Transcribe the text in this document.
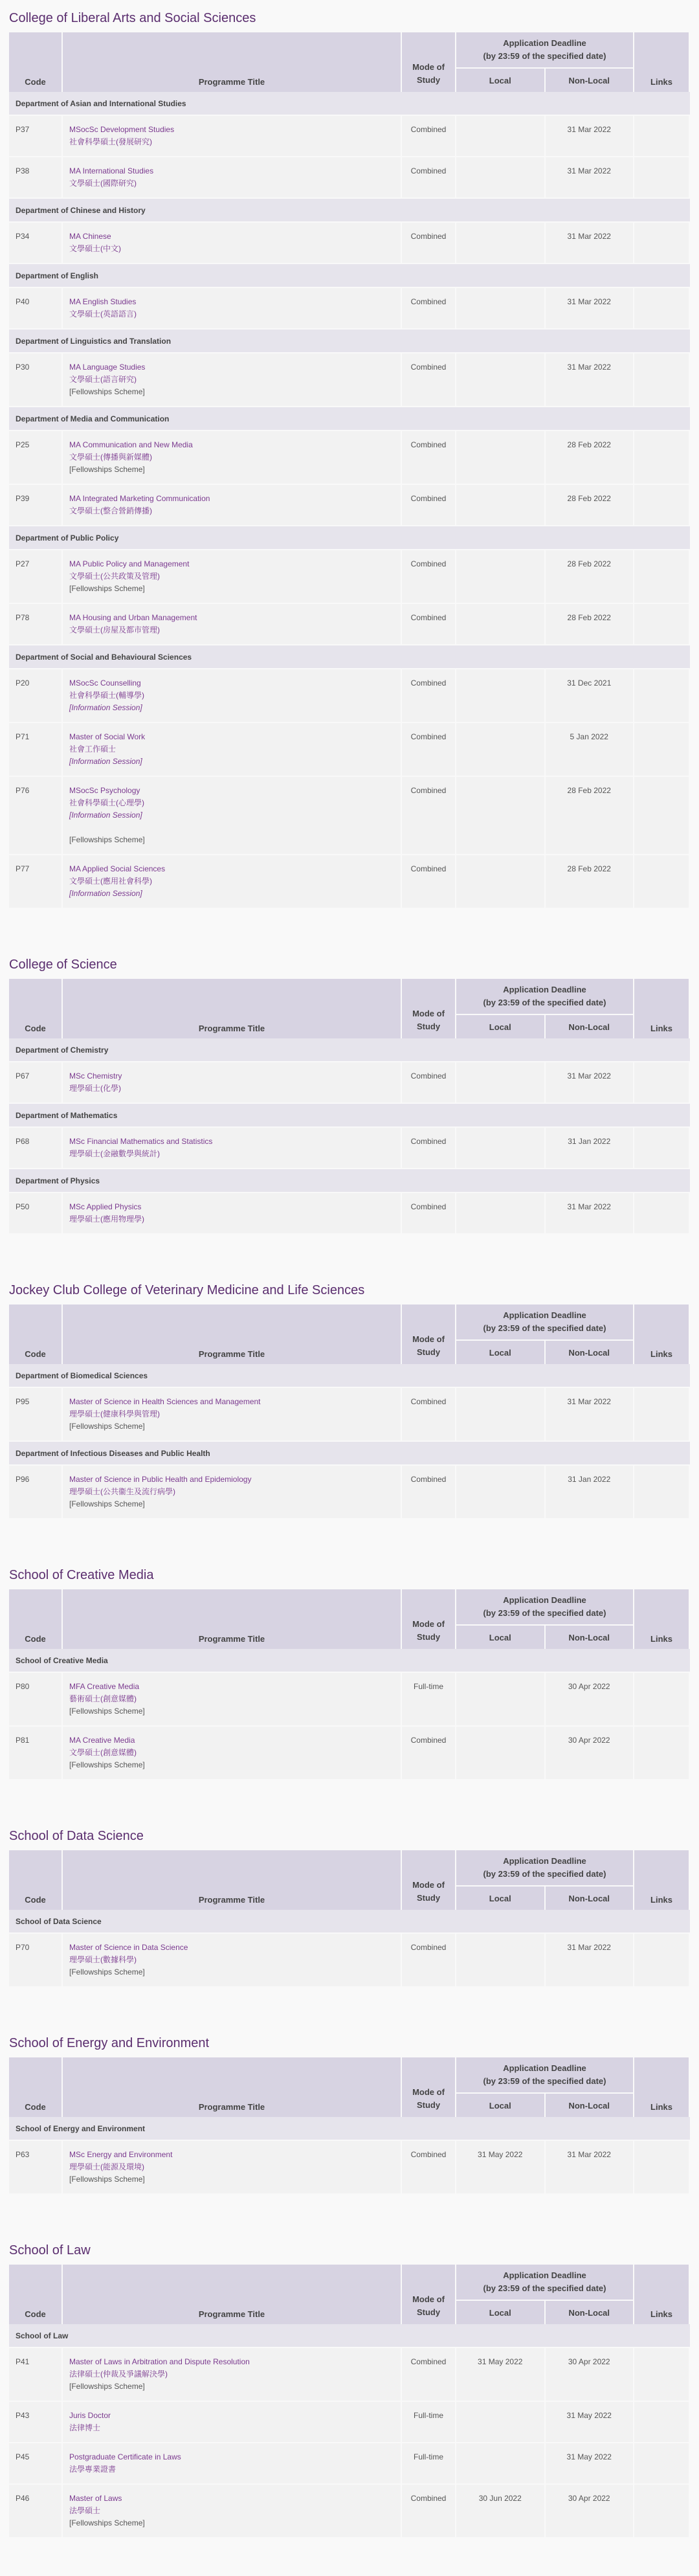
College of Liberal Arts and Social Sciences
Code	Programme Title	Mode of Study	Application Deadline
(by 23:59 of the specified date)		Links
			Local	Non-Local	
Department of Asian and International Studies					
P37	MSocSc Development Studies
社會科學碩士(發展研究)	Combined		31 Mar 2022	
P38	MA International Studies
文學碩士(國際研究)	Combined		31 Mar 2022	
Department of Chinese and History					
P34	MA Chinese
文學碩士(中文)	Combined		31 Mar 2022	
Department of English					
P40	MA English Studies
文學碩士(英語語言)	Combined		31 Mar 2022	
Department of Linguistics and Translation					
P30	MA Language Studies
文學碩士(語言研究)
[Fellowships Scheme]	Combined		31 Mar 2022	
Department of Media and Communication					
P25	MA Communication and New Media
文學碩士(傳播與新媒體)
[Fellowships Scheme]	Combined		28 Feb 2022	
P39	MA Integrated Marketing Communication
文學碩士(整合營銷傳播)	Combined		28 Feb 2022	
Department of Public Policy					
P27	MA Public Policy and Management
文學碩士(公共政策及管理)
[Fellowships Scheme]	Combined		28 Feb 2022	
P78	MA Housing and Urban Management
文學碩士(房屋及都市管理)	Combined		28 Feb 2022	
Department of Social and Behavioural Sciences					
P20	MSocSc Counselling
社會科學碩士(輔導學)
[Information Session]	Combined		31 Dec 2021	
P71	Master of Social Work
社會工作碩士
[Information Session]	Combined		5 Jan 2022	
P76	MSocSc Psychology
社會科學碩士(心理學)
[Information Session]
[Fellowships Scheme]	Combined		28 Feb 2022	
P77	MA Applied Social Sciences
文學碩士(應用社會科學)
[Information Session]	Combined		28 Feb 2022	
College of Science
Code	Programme Title	Mode of Study	Application Deadline
(by 23:59 of the specified date)		Links
			Local	Non-Local	
Department of Chemistry					
P67	MSc Chemistry
理學碩士(化學)	Combined		31 Mar 2022	
Department of Mathematics					
P68	MSc Financial Mathematics and Statistics
理學碩士(金融數學與統計)	Combined		31 Jan 2022	
Department of Physics					
P50	MSc Applied Physics
理學碩士(應用物理學)	Combined		31 Mar 2022	
Jockey Club College of Veterinary Medicine and Life Sciences
Code	Programme Title	Mode of Study	Application Deadline
(by 23:59 of the specified date)		Links
			Local	Non-Local	
Department of Biomedical Sciences					
P95	Master of Science in Health Sciences and Management
理學碩士(健康科學與管理)
[Fellowships Scheme]	Combined		31 Mar 2022	
Department of Infectious Diseases and Public Health					
P96	Master of Science in Public Health and Epidemiology
理學碩士(公共衞生及流行病學)
[Fellowships Scheme]	Combined		31 Jan 2022	
School of Creative Media
Code	Programme Title	Mode of Study	Application Deadline
(by 23:59 of the specified date)		Links
			Local	Non-Local	
School of Creative Media					
P80	MFA Creative Media
藝術碩士(創意媒體)
[Fellowships Scheme]	Full-time		30 Apr 2022	
P81	MA Creative Media
文學碩士(創意媒體)
[Fellowships Scheme]	Combined		30 Apr 2022	
School of Data Science
Code	Programme Title	Mode of Study	Application Deadline
(by 23:59 of the specified date)		Links
			Local	Non-Local	
School of Data Science					
P70	Master of Science in Data Science
理學碩士(數據科學)
[Fellowships Scheme]	Combined		31 Mar 2022	
School of Energy and Environment
Code	Programme Title	Mode of Study	Application Deadline
(by 23:59 of the specified date)		Links
			Local	Non-Local	
School of Energy and Environment					
P63	MSc Energy and Environment
理學碩士(能源及環境)
[Fellowships Scheme]	Combined	31 May 2022	31 Mar 2022	
School of Law
Code	Programme Title	Mode of Study	Application Deadline
(by 23:59 of the specified date)		Links
			Local	Non-Local	
School of Law					
P41	Master of Laws in Arbitration and Dispute Resolution
法律碩士(仲裁及爭議解決學)
[Fellowships Scheme]	Combined	31 May 2022	30 Apr 2022	
P43	Juris Doctor
法律博士	Full-time		31 May 2022	
P45	Postgraduate Certificate in Laws
法學專業證書	Full-time		31 May 2022	
P46	Master of Laws
法學碩士
[Fellowships Scheme]	Combined	30 Jun 2022	30 Apr 2022	
